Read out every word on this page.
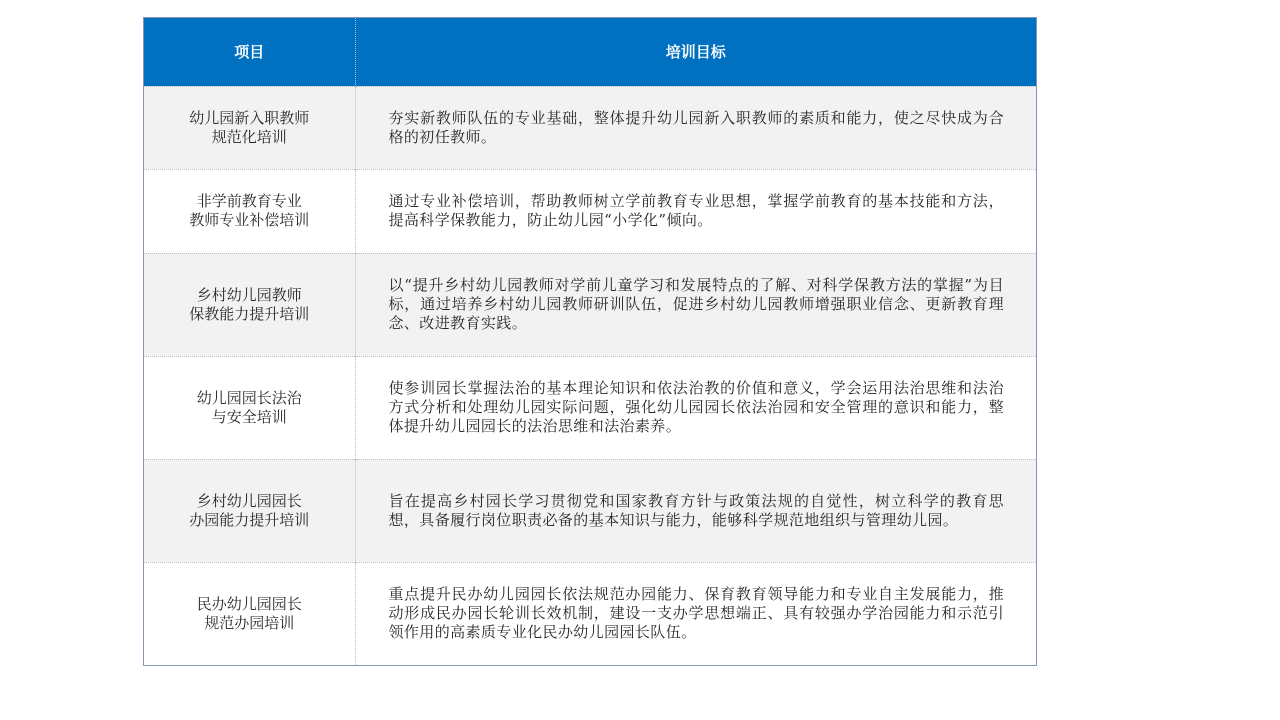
项目	培训目标

幼儿园新入职教师
规范化培训	夯实新教师队伍的专业基础，整体提升幼儿园新入职教师的素质和能力，使之尽快成为合格的初任教师。

非学前教育专业
教师专业补偿培训	通过专业补偿培训，帮助教师树立学前教育专业思想，掌握学前教育的基本技能和方法，提高科学保教能力，防止幼儿园“小学化”倾向。

乡村幼儿园教师
保教能力提升培训	以“提升乡村幼儿园教师对学前儿童学习和发展特点的了解、对科学保教方法的掌握”为目标，通过培养乡村幼儿园教师研训队伍，促进乡村幼儿园教师增强职业信念、更新教育理念、改进教育实践。

幼儿园园长法治
与安全培训	使参训园长掌握法治的基本理论知识和依法治教的价值和意义，学会运用法治思维和法治方式分析和处理幼儿园实际问题，强化幼儿园园长依法治园和安全管理的意识和能力，整体提升幼儿园园长的法治思维和法治素养。

乡村幼儿园园长
办园能力提升培训	旨在提高乡村园长学习贯彻党和国家教育方针与政策法规的自觉性，树立科学的教育思想，具备履行岗位职责必备的基本知识与能力，能够科学规范地组织与管理幼儿园。

民办幼儿园园长
规范办园培训	重点提升民办幼儿园园长依法规范办园能力、保育教育领导能力和专业自主发展能力，推动形成民办园长轮训长效机制，建设一支办学思想端正、具有较强办学治园能力和示范引领作用的高素质专业化民办幼儿园园长队伍。
